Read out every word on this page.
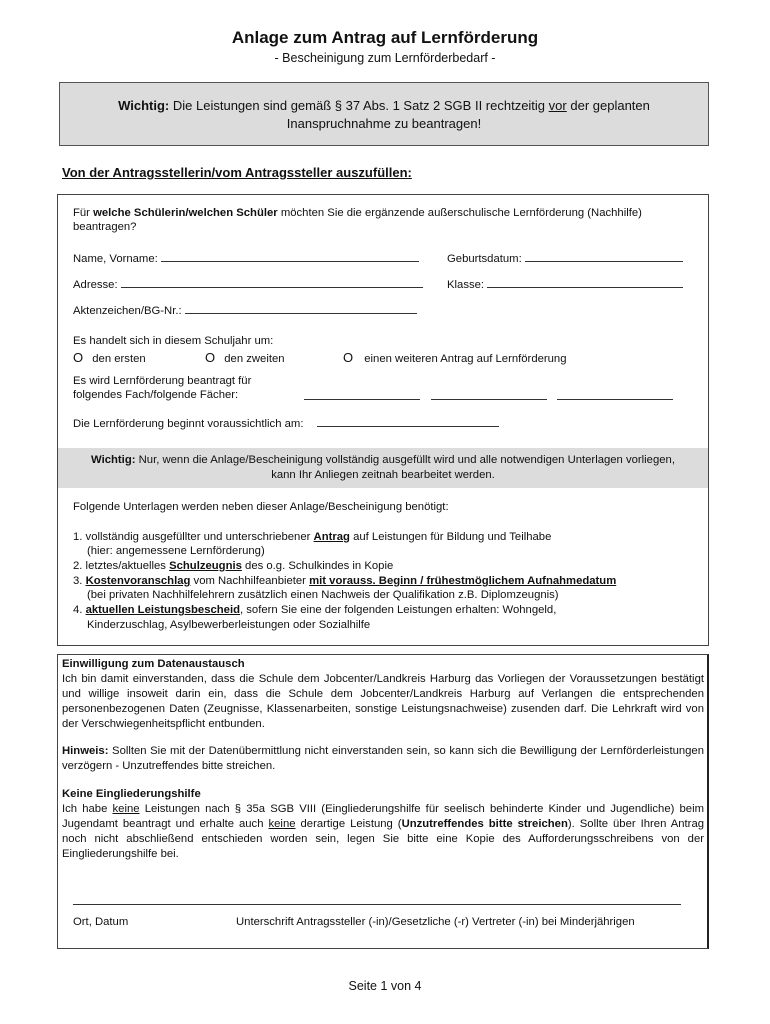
Anlage zum Antrag auf Lernförderung
- Bescheinigung zum Lernförderbedarf -
Wichtig: Die Leistungen sind gemäß § 37 Abs. 1 Satz 2 SGB II rechtzeitig vor der geplanten
Inanspruchnahme zu beantragen!
Von der Antragsstellerin/vom Antragssteller auszufüllen:
Für welche Schülerin/welchen Schüler möchten Sie die ergänzende außerschulische Lernförderung (Nachhilfe)
beantragen?
Name, Vorname:	Geburtsdatum:
Adresse:	Klasse:
Aktenzeichen/BG-Nr.:
Es handelt sich in diesem Schuljahr um:
O den ersten	O den zweiten	O einen weiteren Antrag auf Lernförderung
Es wird Lernförderung beantragt für
folgendes Fach/folgende Fächer:
Die Lernförderung beginnt voraussichtlich am:
Wichtig: Nur, wenn die Anlage/Bescheinigung vollständig ausgefüllt wird und alle notwendigen Unterlagen vorliegen,
kann Ihr Anliegen zeitnah bearbeitet werden.
Folgende Unterlagen werden neben dieser Anlage/Bescheinigung benötigt:
1. vollständig ausgefüllter und unterschriebener Antrag auf Leistungen für Bildung und Teilhabe
(hier: angemessene Lernförderung)
2. letztes/aktuelles Schulzeugnis des o.g. Schulkindes in Kopie
3. Kostenvoranschlag vom Nachhilfeanbieter mit vorauss. Beginn / frühestmöglichem Aufnahmedatum
(bei privaten Nachhilfelehrern zusätzlich einen Nachweis der Qualifikation z.B. Diplomzeugnis)
4. aktuellen Leistungsbescheid, sofern Sie eine der folgenden Leistungen erhalten: Wohngeld,
Kinderzuschlag, Asylbewerberleistungen oder Sozialhilfe
Einwilligung zum Datenaustausch
Ich bin damit einverstanden, dass die Schule dem Jobcenter/Landkreis Harburg das Vorliegen der Voraussetzungen bestätigt und willige insoweit darin ein, dass die Schule dem Jobcenter/Landkreis Harburg auf Verlangen die entsprechenden personenbezogenen Daten (Zeugnisse, Klassenarbeiten, sonstige Leistungsnachweise) zusenden darf. Die Lehrkraft wird von der Verschwiegenheitspflicht entbunden.
Hinweis: Sollten Sie mit der Datenübermittlung nicht einverstanden sein, so kann sich die Bewilligung der Lernförderleistungen verzögern - Unzutreffendes bitte streichen.
Keine Eingliederungshilfe
Ich habe keine Leistungen nach § 35a SGB VIII (Eingliederungshilfe für seelisch behinderte Kinder und Jugendliche) beim Jugendamt beantragt und erhalte auch keine derartige Leistung (Unzutreffendes bitte streichen). Sollte über Ihren Antrag noch nicht abschließend entschieden worden sein, legen Sie bitte eine Kopie des Aufforderungsschreibens von der Eingliederungshilfe bei.
Ort, Datum	Unterschrift Antragssteller (-in)/Gesetzliche (-r) Vertreter (-in) bei Minderjährigen
Seite 1 von 4
